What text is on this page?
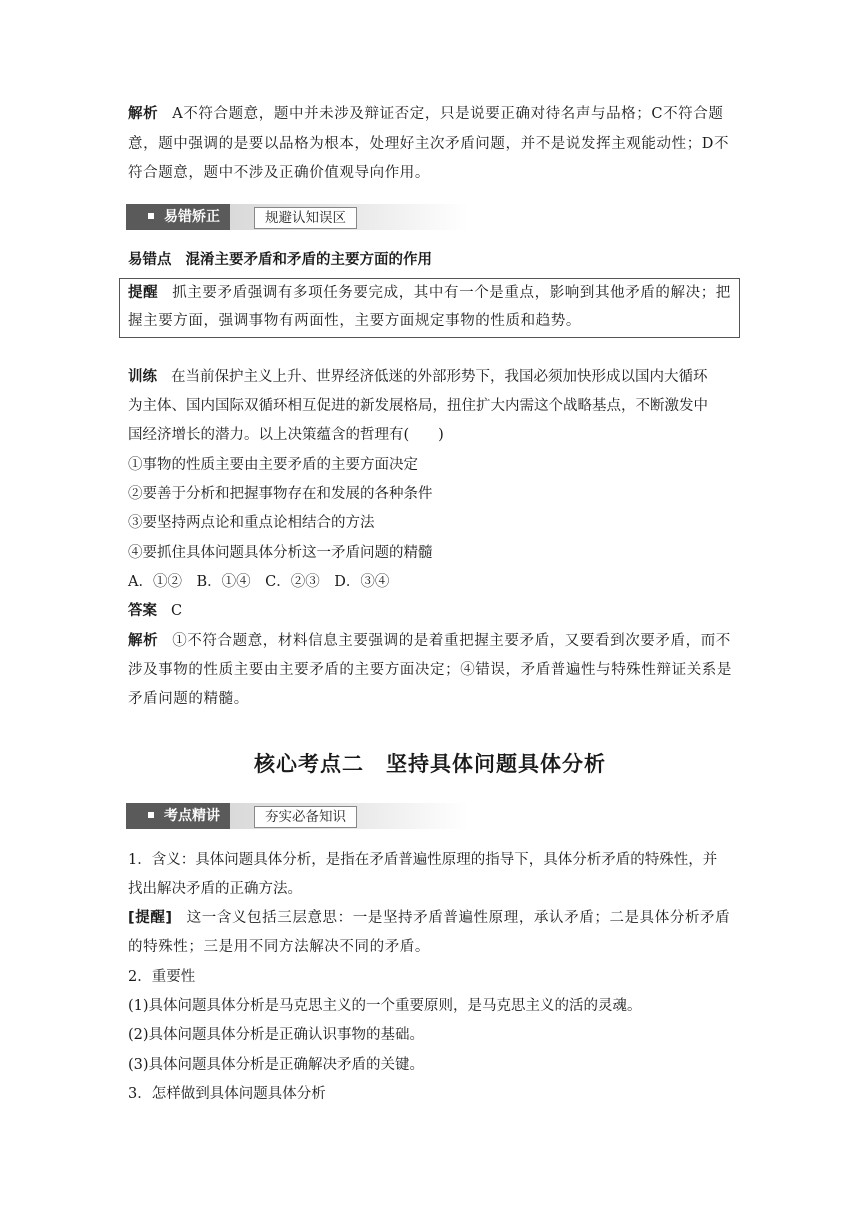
解析 A不符合题意，题中并未涉及辩证否定，只是说要正确对待名声与品格；C不符合题
意，题中强调的是要以品格为根本，处理好主次矛盾问题，并不是说发挥主观能动性；D不
符合题意，题中不涉及正确价值观导向作用。
易错矫正	规避认知误区
易错点 混淆主要矛盾和矛盾的主要方面的作用
提醒 抓主要矛盾强调有多项任务要完成，其中有一个是重点，影响到其他矛盾的解决；把
握主要方面，强调事物有两面性，主要方面规定事物的性质和趋势。
训练 在当前保护主义上升、世界经济低迷的外部形势下，我国必须加快形成以国内大循环
为主体、国内国际双循环相互促进的新发展格局，扭住扩大内需这个战略基点，不断激发中
国经济增长的潜力。以上决策蕴含的哲理有(　　)
①事物的性质主要由主要矛盾的主要方面决定
②要善于分析和把握事物存在和发展的各种条件
③要坚持两点论和重点论相结合的方法
④要抓住具体问题具体分析这一矛盾问题的精髓
A．①②　B．①④　C．②③　D．③④
答案 C
解析 ①不符合题意，材料信息主要强调的是着重把握主要矛盾，又要看到次要矛盾，而不
涉及事物的性质主要由主要矛盾的主要方面决定；④错误，矛盾普遍性与特殊性辩证关系是
矛盾问题的精髓。
核心考点二　坚持具体问题具体分析
考点精讲	夯实必备知识
1．含义：具体问题具体分析，是指在矛盾普遍性原理的指导下，具体分析矛盾的特殊性，并
找出解决矛盾的正确方法。
[提醒] 这一含义包括三层意思：一是坚持矛盾普遍性原理，承认矛盾；二是具体分析矛盾
的特殊性；三是用不同方法解决不同的矛盾。
2．重要性
(1)具体问题具体分析是马克思主义的一个重要原则，是马克思主义的活的灵魂。
(2)具体问题具体分析是正确认识事物的基础。
(3)具体问题具体分析是正确解决矛盾的关键。
3．怎样做到具体问题具体分析
